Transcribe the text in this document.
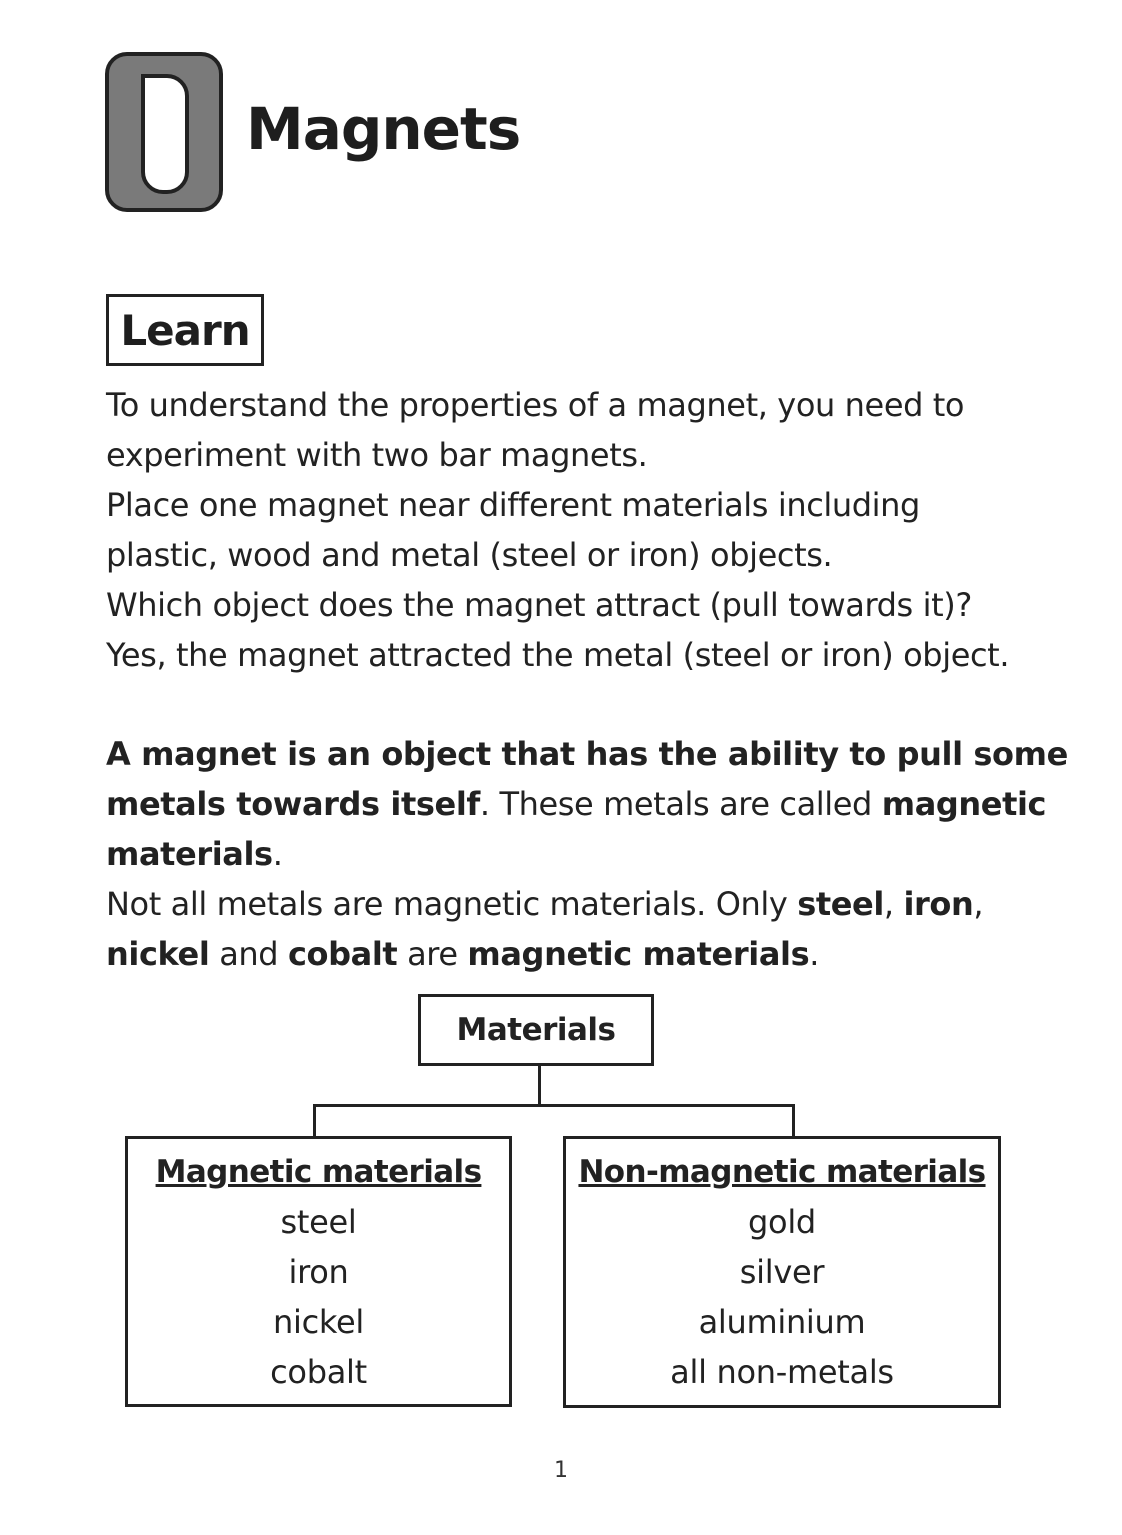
Magnets
Learn

To understand the properties of a magnet, you need to
experiment with two bar magnets.
Place one magnet near different materials including
plastic, wood and metal (steel or iron) objects.
Which object does the magnet attract (pull towards it)?
Yes, the magnet attracted the metal (steel or iron) object.

A magnet is an object that has the ability to pull some
metals towards itself. These metals are called magnetic
materials.
Not all metals are magnetic materials. Only steel, iron,
nickel and cobalt are magnetic materials.

Materials
Magnetic materials
steel
iron
nickel
cobalt
Non-magnetic materials
gold
silver
aluminium
all non-metals
1
